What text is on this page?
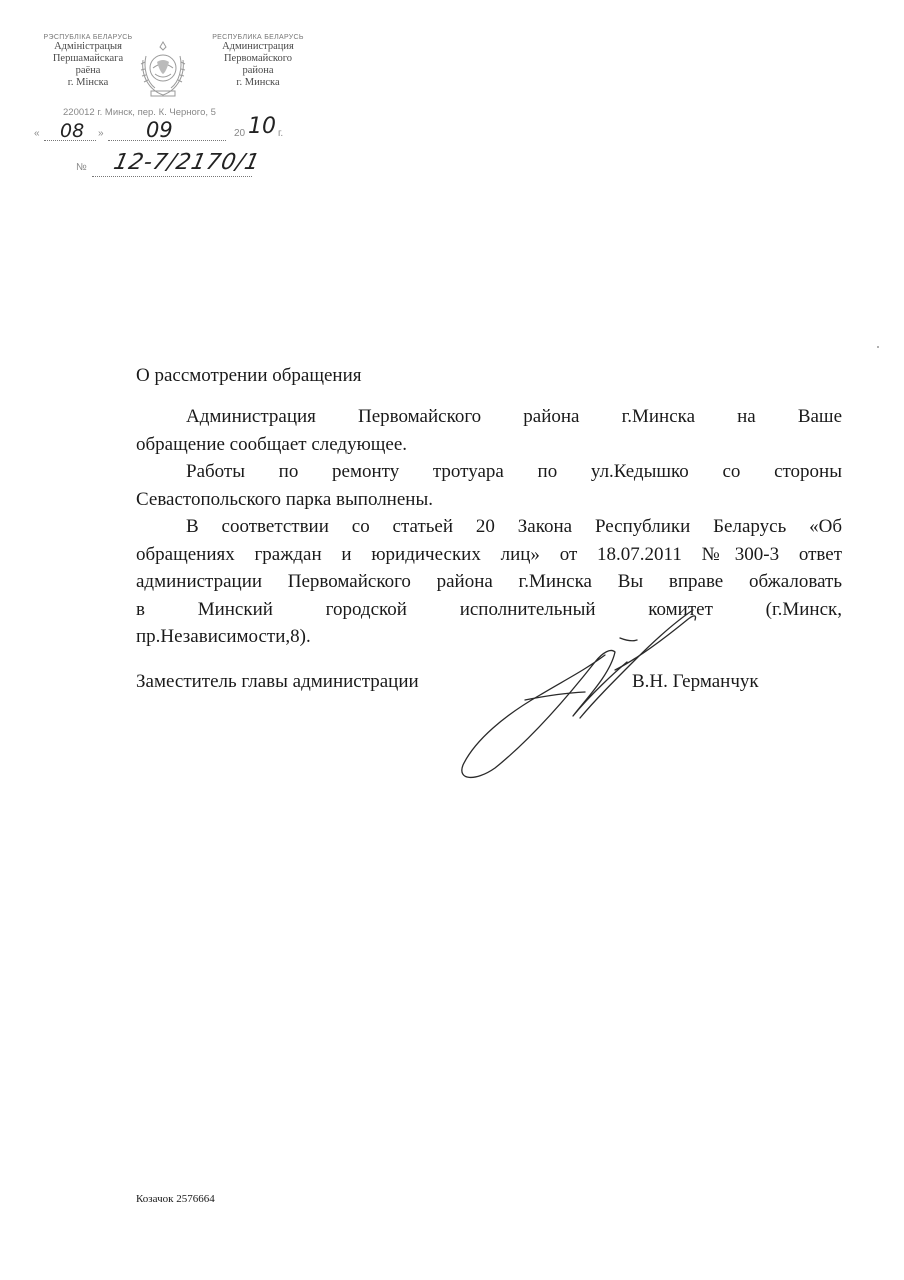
РЭСПУБЛІКА БЕЛАРУСЬ
Адміністрацыя
Першамайскага
раёна
г. Мінска
РЕСПУБЛИКА БЕЛАРУСЬ
Администрация
Первомайского
района
г. Минска
220012 г. Минск, пер. К. Черного, 5
« 08 » 09	20 10 г.
№ 12-7/2170/1
О рассмотрении обращения

Администрация Первомайского района г.Минска на Ваше

обращение сообщает следующее.

Работы по ремонту тротуара по ул.Кедышко со стороны

Севастопольского парка выполнены.

В соответствии со статьей 20 Закона Республики Беларусь «Об

обращениях граждан и юридических лиц» от 18.07.2011 №300-3 ответ

администрации Первомайского района г.Минска Вы вправе обжаловать

в Минский городской исполнительный комитет (г.Минск,

пр.Независимости,8).

Заместитель главы администрации	В.Н. Германчук
Козачок 2576664
